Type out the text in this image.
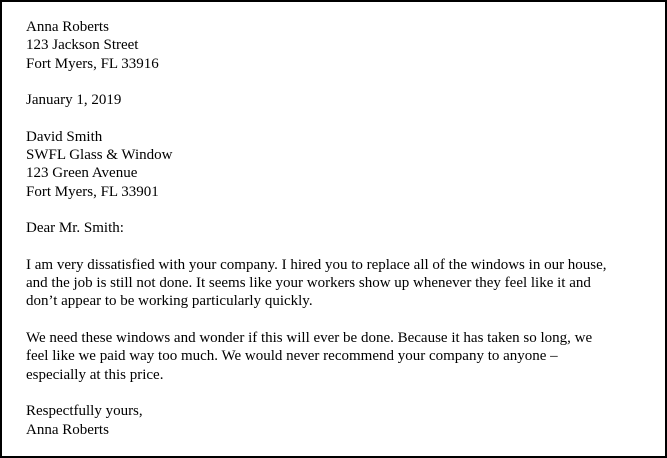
Anna Roberts
123 Jackson Street
Fort Myers, FL 33916
January 1, 2019
David Smith
SWFL Glass & Window
123 Green Avenue
Fort Myers, FL 33901
Dear Mr. Smith:
I am very dissatisfied with your company. I hired you to replace all of the windows in our house,
and the job is still not done. It seems like your workers show up whenever they feel like it and
don’t appear to be working particularly quickly.
We need these windows and wonder if this will ever be done. Because it has taken so long, we
feel like we paid way too much. We would never recommend your company to anyone –
especially at this price.
Respectfully yours,
Anna Roberts
